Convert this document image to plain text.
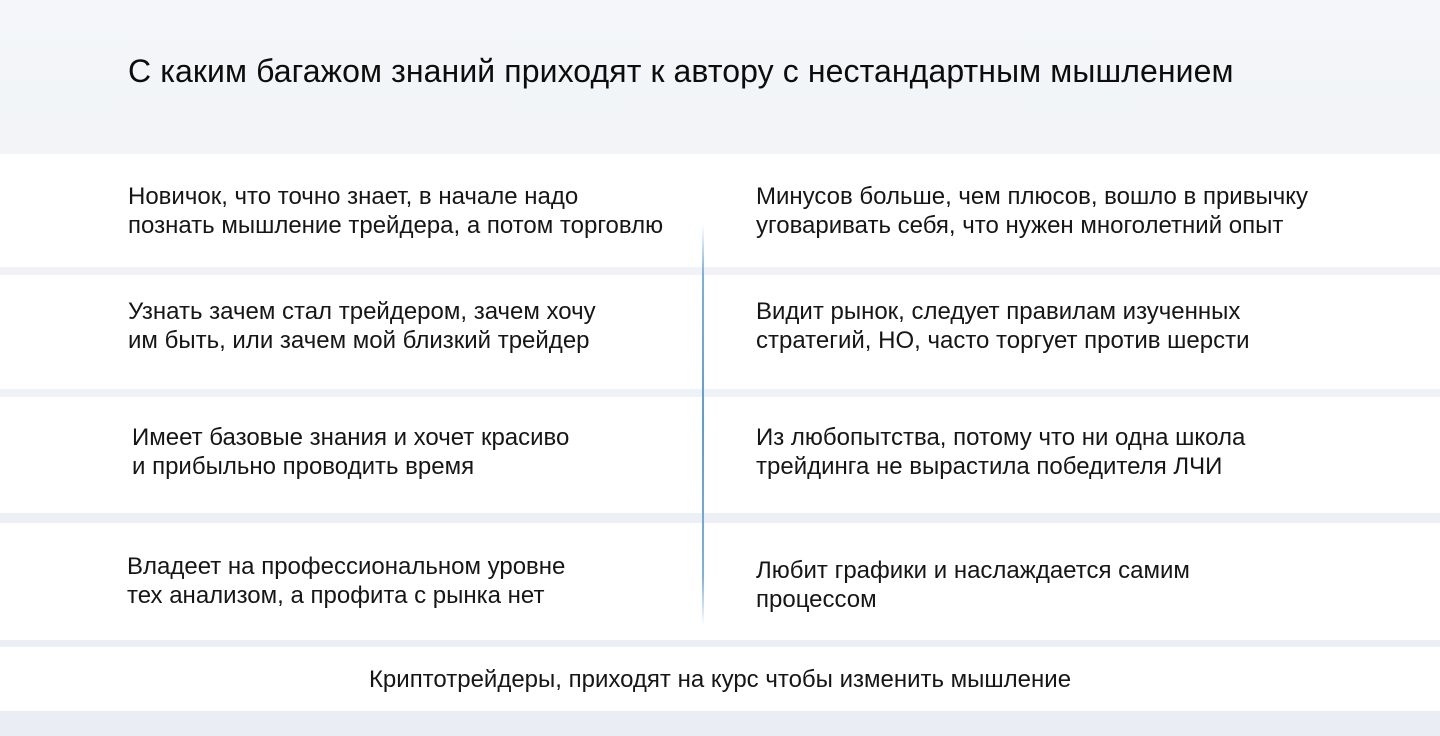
С каким багажом знаний приходят к автору с нестандартным мышлением
Новичок, что точно знает, в начале надо
познать мышление трейдера, а потом торговлю
Минусов больше, чем плюсов, вошло в привычку
уговаривать себя, что нужен многолетний опыт
Узнать зачем стал трейдером, зачем хочу
им быть, или зачем мой близкий трейдер
Видит рынок, следует правилам изученных
стратегий, НО, часто торгует против шерсти
Имеет базовые знания и хочет красиво
и прибыльно проводить время
Из любопытства, потому что ни одна школа
трейдинга не вырастила победителя ЛЧИ
Владеет на профессиональном уровне
тех анализом, а профита с рынка нет
Любит графики и наслаждается самим
процессом
Криптотрейдеры, приходят на курс чтобы изменить мышление
